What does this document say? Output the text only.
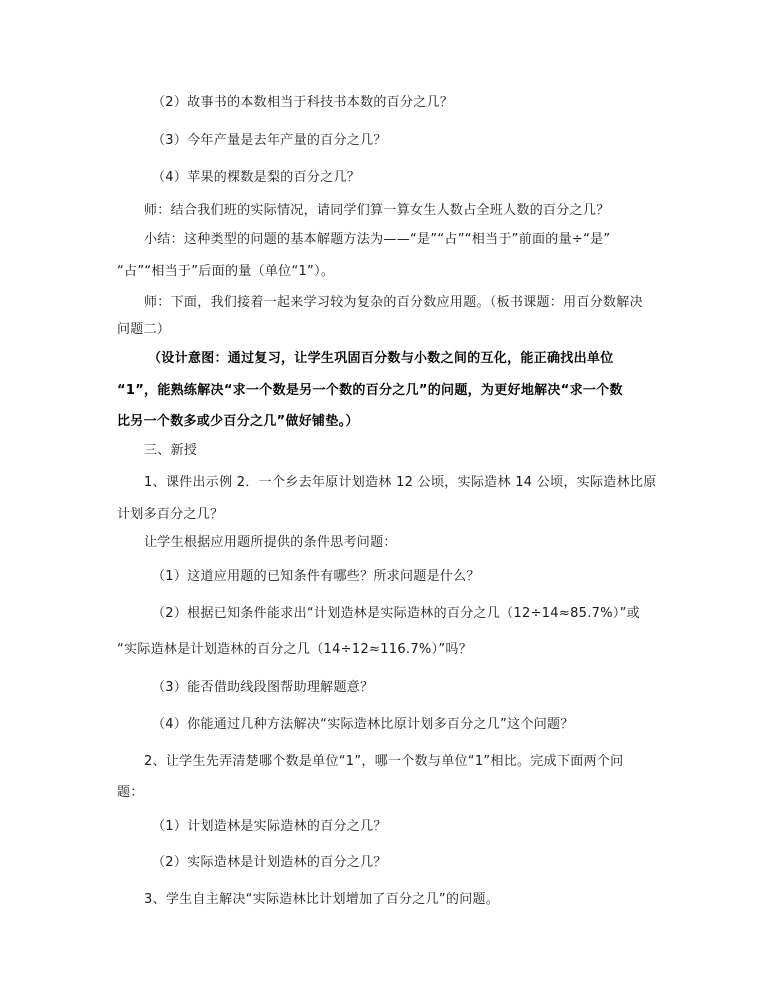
（2）故事书的本数相当于科技书本数的百分之几？
（3）今年产量是去年产量的百分之几？
（4）苹果的棵数是梨的百分之几？
师：结合我们班的实际情况，请同学们算一算女生人数占全班人数的百分之几？
小结：这种类型的问题的基本解题方法为——“是”“占”“相当于”前面的量÷“是”
“占”“相当于”后面的量（单位“1”）。
师：下面，我们接着一起来学习较为复杂的百分数应用题。（板书课题：用百分数解决
问题二）
（设计意图：通过复习，让学生巩固百分数与小数之间的互化，能正确找出单位
“1”，能熟练解决“求一个数是另一个数的百分之几”的问题，为更好地解决“求一个数
比另一个数多或少百分之几”做好铺垫。）
三、新授
1、课件出示例 2．一个乡去年原计划造林 12 公顷，实际造林 14 公顷，实际造林比原
计划多百分之几？
让学生根据应用题所提供的条件思考问题：
（1）这道应用题的已知条件有哪些？所求问题是什么？
（2）根据已知条件能求出“计划造林是实际造林的百分之几（12÷14≈85.7%）”或
“实际造林是计划造林的百分之几（14÷12≈116.7%）”吗？
（3）能否借助线段图帮助理解题意？
（4）你能通过几种方法解决“实际造林比原计划多百分之几”这个问题？
2、让学生先弄清楚哪个数是单位“1”，哪一个数与单位“1”相比。完成下面两个问
题：
（1）计划造林是实际造林的百分之几？
（2）实际造林是计划造林的百分之几？
3、学生自主解决“实际造林比计划增加了百分之几”的问题。
